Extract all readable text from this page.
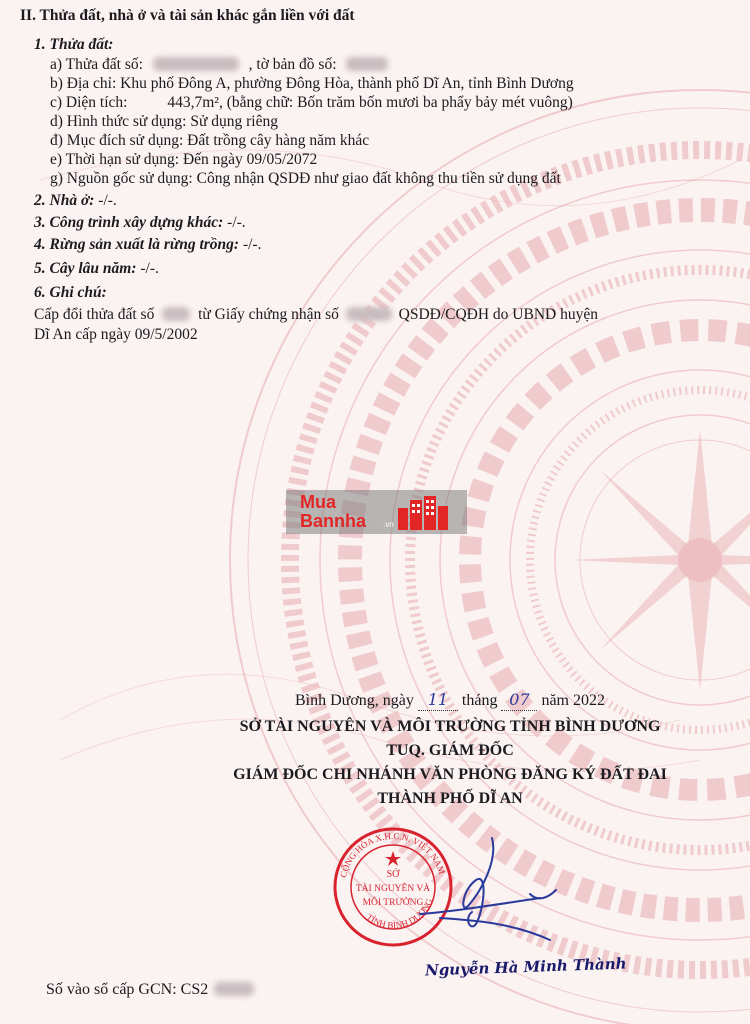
II. Thửa đất, nhà ở và tài sản khác gắn liền với đất
1. Thửa đất:
a) Thửa đất số:	, tờ bản đồ số:
b) Địa chỉ: Khu phố Đông A, phường Đông Hòa, thành phố Dĩ An, tỉnh Bình Dương
c) Diện tích:	443,7m², (bằng chữ: Bốn trăm bốn mươi ba phẩy bảy mét vuông)
d) Hình thức sử dụng: Sử dụng riêng
đ) Mục đích sử dụng: Đất trồng cây hàng năm khác
e) Thời hạn sử dụng: Đến ngày 09/05/2072
g) Nguồn gốc sử dụng: Công nhận QSDĐ như giao đất không thu tiền sử dụng đất
2. Nhà ở: -/-.
3. Công trình xây dựng khác: -/-.
4. Rừng sản xuất là rừng trồng: -/-.
5. Cây lâu năm: -/-.
6. Ghi chú:
Cấp đổi thửa đất số	từ Giấy chứng nhận số	QSDĐ/CQĐH do UBND huyện
Dĩ An cấp ngày 09/5/2002
Bình Dương, ngày 11 tháng 07 năm 2022
SỞ TÀI NGUYÊN VÀ MÔI TRƯỜNG TỈNH BÌNH DƯƠNG
TUQ. GIÁM ĐỐC
GIÁM ĐỐC CHI NHÁNH VĂN PHÒNG ĐĂNG KÝ ĐẤT ĐAI
THÀNH PHỐ DĨ AN
Số vào sổ cấp GCN: CS2
Mua
Bannha .vn
CỘNG HÒA X.H.C.N. VIỆT NAM
TỈNH BÌNH DƯƠNG
SỞ
TÀI NGUYÊN VÀ
MÔI TRƯỜNG
Nguyễn Hà Minh Thành
